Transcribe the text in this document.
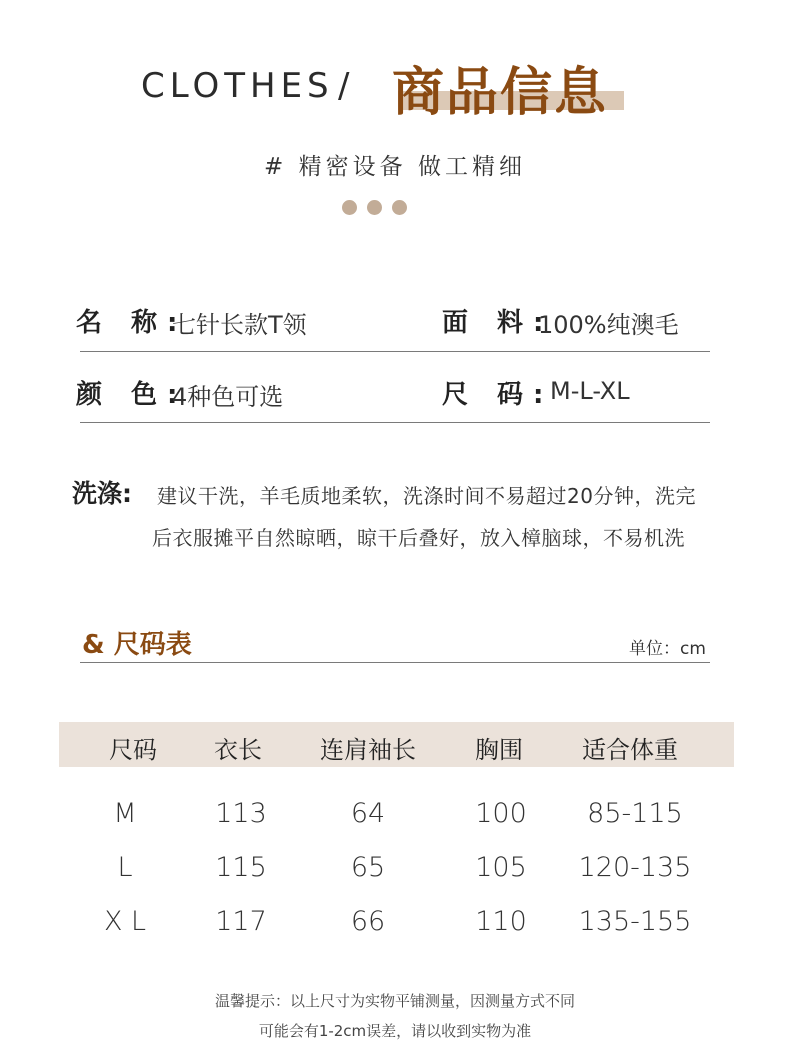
CLOTHES / 商品信息
# 精密设备 做工精细
名 称:
七针长款T领	面 料:
100%纯澳毛
颜 色:
4种色可选	尺 码:
M-L-XL
洗涤: 建议干洗，羊毛质地柔软，洗涤时间不易超过20分钟，洗完
后衣服摊平自然晾晒，晾干后叠好，放入樟脑球，不易机洗
& 尺码表	单位：cm
尺码	衣长	连肩袖长	胸围	适合体重
M	113	64	100	85-115
L	115	65	105	120-135
X L	117	66	110	135-155
温馨提示：以上尺寸为实物平铺测量，因测量方式不同
可能会有1-2cm误差，请以收到实物为准
